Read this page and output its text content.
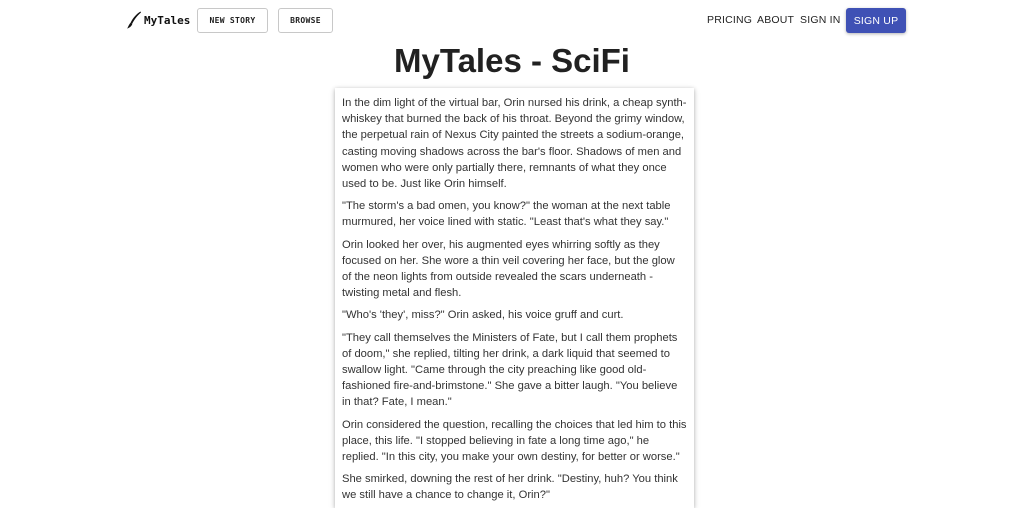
MyTales	NEW STORY	BROWSE	PRICING ABOUT SIGN IN	SIGN UP
MyTales - SciFi

In the dim light of the virtual bar, Orin nursed his drink, a cheap synth-whiskey that burned the back of his throat. Beyond the grimy window, the perpetual rain of Nexus City painted the streets a sodium-orange, casting moving shadows across the bar's floor. Shadows of men and women who were only partially there, remnants of what they once used to be. Just like Orin himself.

"The storm's a bad omen, you know?" the woman at the next table murmured, her voice lined with static. "Least that's what they say."

Orin looked her over, his augmented eyes whirring softly as they focused on her. She wore a thin veil covering her face, but the glow of the neon lights from outside revealed the scars underneath - twisting metal and flesh.

"Who's 'they', miss?" Orin asked, his voice gruff and curt.

"They call themselves the Ministers of Fate, but I call them prophets of doom," she replied, tilting her drink, a dark liquid that seemed to swallow light. "Came through the city preaching like good old-fashioned fire-and-brimstone." She gave a bitter laugh. "You believe in that? Fate, I mean."

Orin considered the question, recalling the choices that led him to this place, this life. "I stopped believing in fate a long time ago," he replied. "In this city, you make your own destiny, for better or worse."

She smirked, downing the rest of her drink. "Destiny, huh? You think we still have a chance to change it, Orin?"
